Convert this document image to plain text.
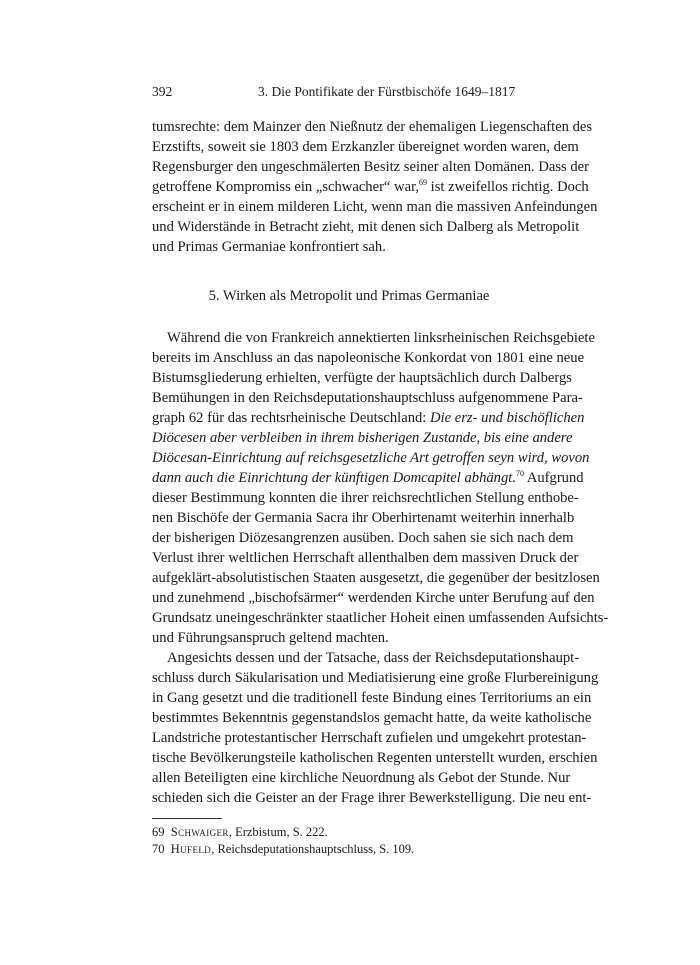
392	3. Die Pontifikate der Fürstbischöfe 1649–1817
tumsrechte: dem Mainzer den Nießnutz der ehemaligen Liegenschaften des
Erzstifts, soweit sie 1803 dem Erzkanzler übereignet worden waren, dem
Regensburger den ungeschmälerten Besitz seiner alten Domänen. Dass der
getroffene Kompromiss ein „schwacher“ war,$^{69}$ ist zweifellos richtig. Doch
erscheint er in einem milderen Licht, wenn man die massiven Anfeindungen
und Widerstände in Betracht zieht, mit denen sich Dalberg als Metropolit
und Primas Germaniae konfrontiert sah.
5. Wirken als Metropolit und Primas Germaniae
Während die von Frankreich annektierten linksrheinischen Reichsgebiete
bereits im Anschluss an das napoleonische Konkordat von 1801 eine neue
Bistumsgliederung erhielten, verfügte der hauptsächlich durch Dalbergs
Bemühungen in den Reichsdeputationshauptschluss aufgenommene Para-
graph 62 für das rechtsrheinische Deutschland: Die erz- und bischöflichen
Diöcesen aber verbleiben in ihrem bisherigen Zustande, bis eine andere
Diöcesan-Einrichtung auf reichsgesetzliche Art getroffen seyn wird, wovon
dann auch die Einrichtung der künftigen Domcapitel abhängt.$^{70}$ Aufgrund
dieser Bestimmung konnten die ihrer reichsrechtlichen Stellung enthobe-
nen Bischöfe der Germania Sacra ihr Oberhirtenamt weiterhin innerhalb
der bisherigen Diözesangrenzen ausüben. Doch sahen sie sich nach dem
Verlust ihrer weltlichen Herrschaft allenthalben dem massiven Druck der
aufgeklärt-absolutistischen Staaten ausgesetzt, die gegenüber der besitzlosen
und zunehmend „bischofsärmer“ werdenden Kirche unter Berufung auf den
Grundsatz uneingeschränkter staatlicher Hoheit einen umfassenden Aufsichts-
und Führungsanspruch geltend machten.
Angesichts dessen und der Tatsache, dass der Reichsdeputationshaupt-
schluss durch Säkularisation und Mediatisierung eine große Flurbereinigung
in Gang gesetzt und die traditionell feste Bindung eines Territoriums an ein
bestimmtes Bekenntnis gegenstandslos gemacht hatte, da weite katholische
Landstriche protestantischer Herrschaft zufielen und umgekehrt protestan-
tische Bevölkerungsteile katholischen Regenten unterstellt wurden, erschien
allen Beteiligten eine kirchliche Neuordnung als Gebot der Stunde. Nur
schieden sich die Geister an der Frage ihrer Bewerkstelligung. Die neu ent-
69 Schwaiger, Erzbistum, S. 222.
70 Hufeld, Reichsdeputationshauptschluss, S. 109.
